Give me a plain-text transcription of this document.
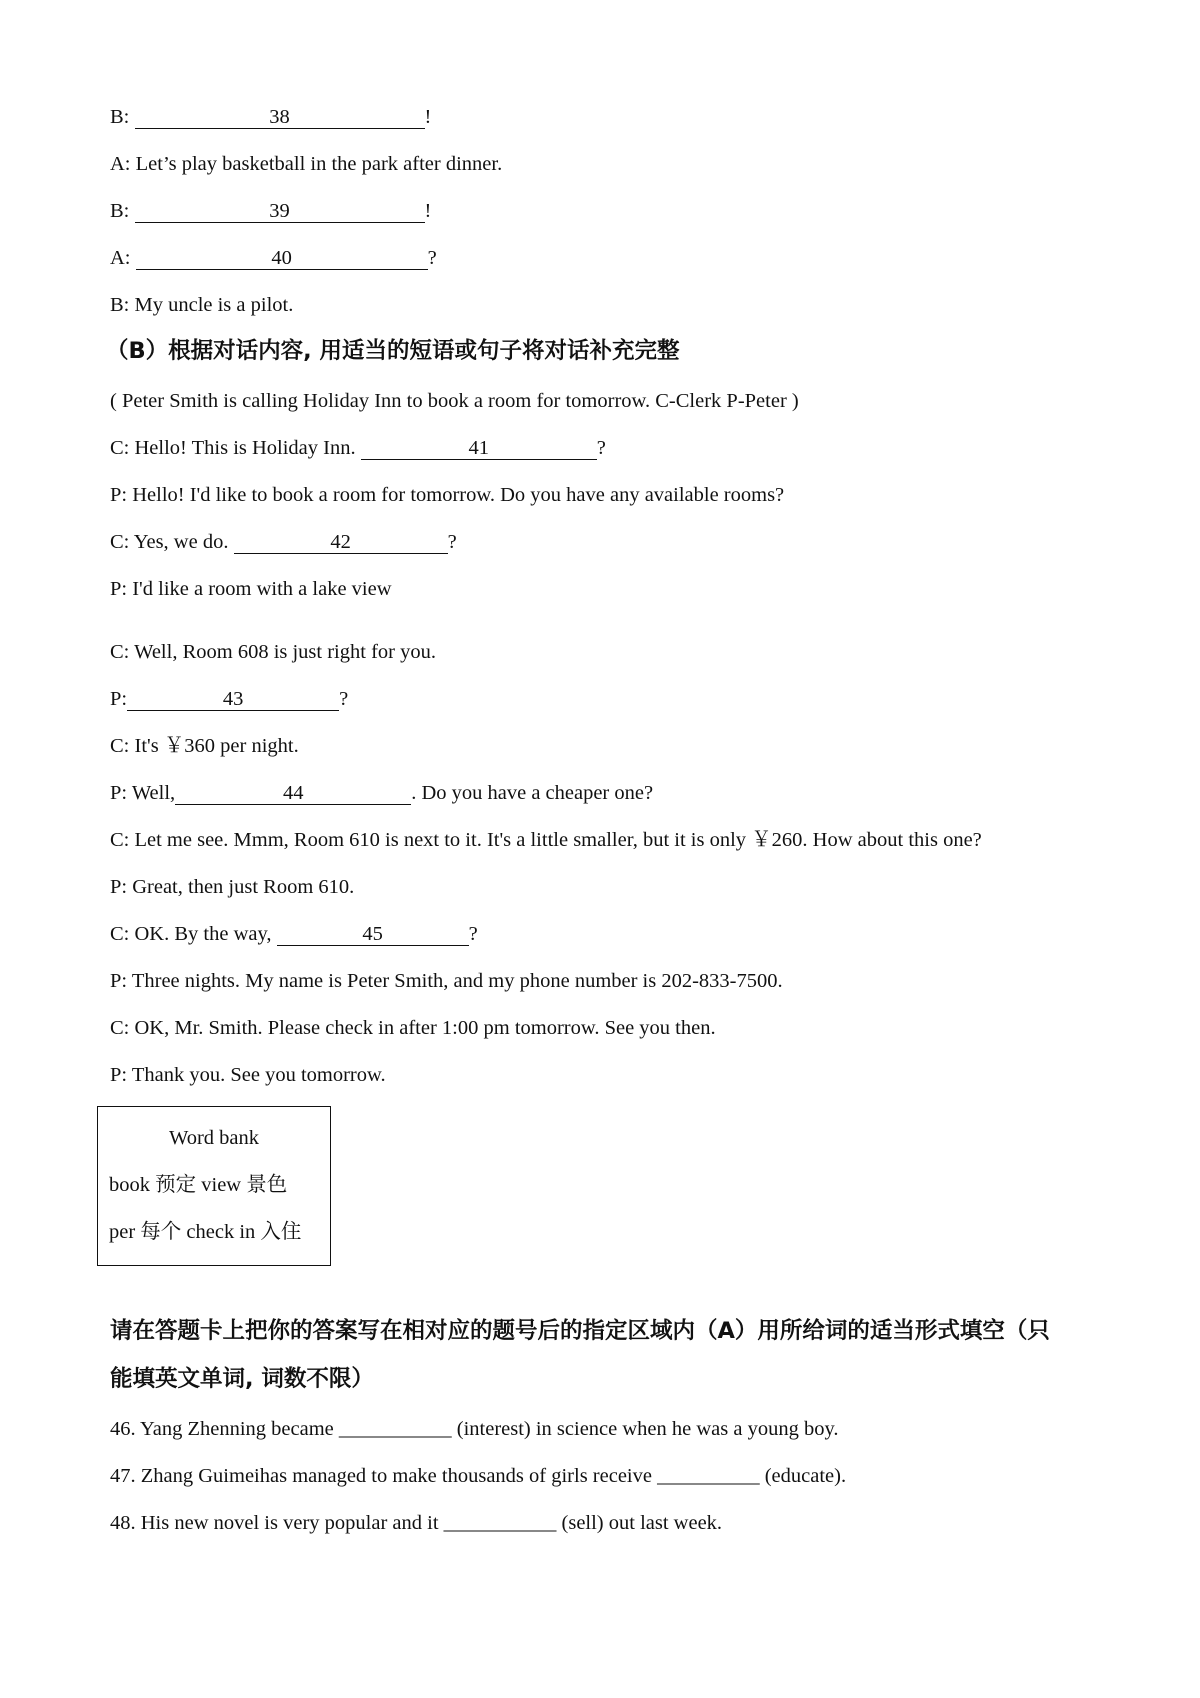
B:	38	!
A: Let’s play basketball in the park after dinner.
B:	39	!
A:	40	?
B: My uncle is a pilot.
（B）根据对话内容, 用适当的短语或句子将对话补充完整
( Peter Smith is calling Holiday Inn to book a room for tomorrow. C-Clerk P-Peter )
C: Hello! This is Holiday Inn.	41	?
P: Hello! I'd like to book a room for tomorrow. Do you have any available rooms?
C: Yes, we do.	42	?
P: I'd like a room with a lake view
C: Well, Room 608 is just right for you.
P:	43	?
C: It's ￥360 per night.
P: Well,	44	. Do you have a cheaper one?
C: Let me see. Mmm, Room 610 is next to it. It's a little smaller, but it is only ￥260. How about this one?
P: Great, then just Room 610.
C: OK. By the way,	45	?
P: Three nights. My name is Peter Smith, and my phone number is 202-833-7500.
C: OK, Mr. Smith. Please check in after 1:00 pm tomorrow. See you then.
P: Thank you. See you tomorrow.
Word bank
book 预定 view 景色
per 每个 check in 入住
请在答题卡上把你的答案写在相对应的题号后的指定区域内（A）用所给词的适当形式填空（只
能填英文单词, 词数不限）
46. Yang Zhenning became ___________ (interest) in science when he was a young boy.
47. Zhang Guimeihas managed to make thousands of girls receive __________ (educate).
48. His new novel is very popular and it ___________ (sell) out last week.
